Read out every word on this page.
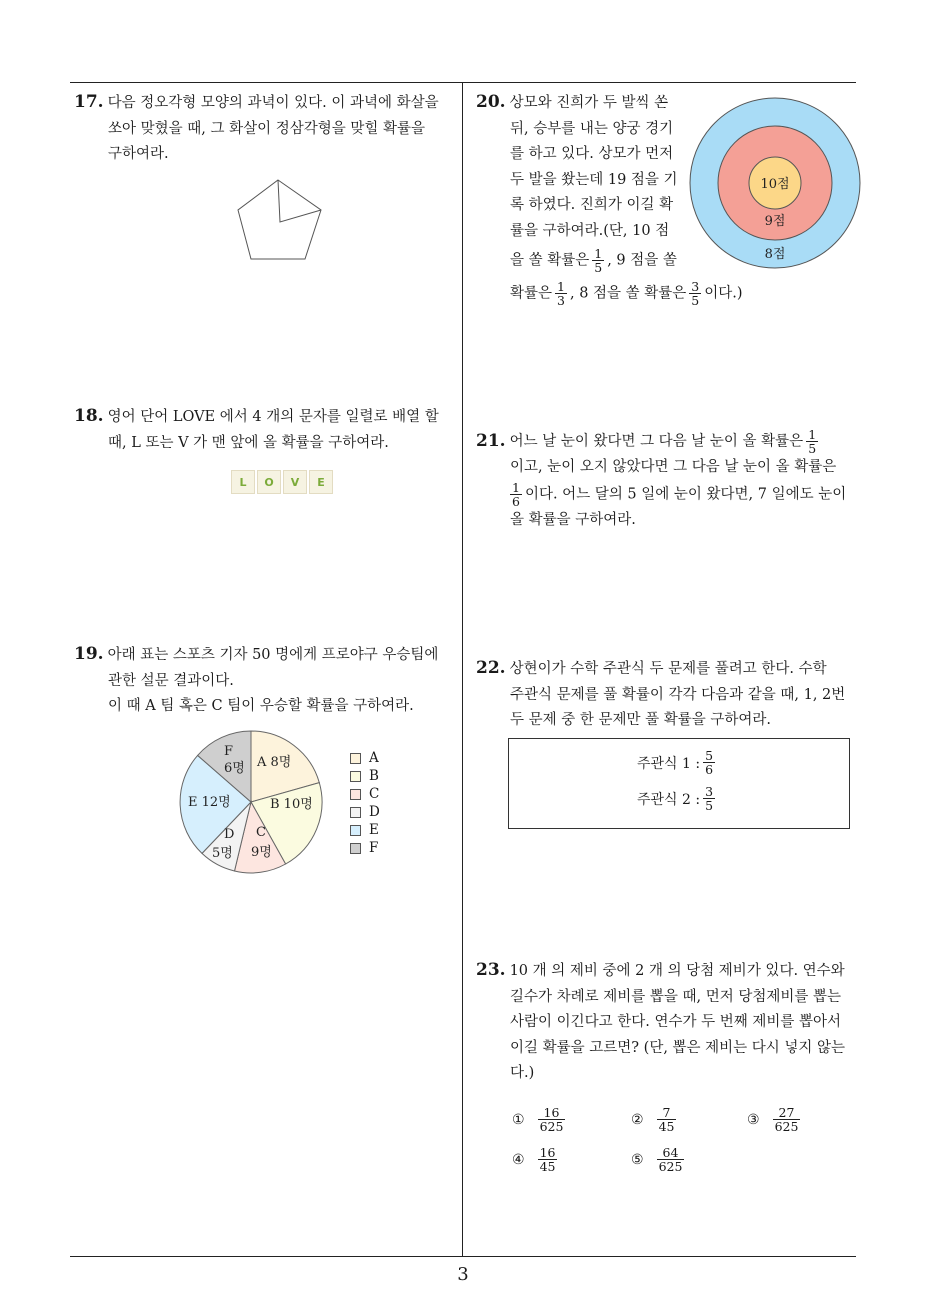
3
17. 다음 정오각형 모양의 과녁이 있다. 이 과녁에 화살을
쏘아 맞혔을 때, 그 화살이 정삼각형을 맞힐 확률을
구하여라.
18. 영어 단어 LOVE 에서 4 개의 문자를 일렬로 배열 할
때, L 또는 V 가 맨 앞에 올 확률을 구하여라.
L	O	V	E
19. 아래 표는 스포츠 기자 50 명에게 프로야구 우승팀에
관한 설문 결과이다.
이 때 A 팀 혹은 C 팀이 우승할 확률을 구하여라.
F
6명 A 8명
B 10명
C
9명
D
5명
E 12명
A
B
C
D
E
F
20. 상모와 진희가 두 발씩 쏜
뒤, 승부를 내는 양궁 경기
를 하고 있다. 상모가 먼저
두 발을 쐈는데 19 점을 기
록 하였다. 진희가 이길 확
률을 구하여라.(단, 10 점
을 쏠 확률은 $\frac{1}{5}$ , 9 점을 쏠
확률은 $\frac{1}{3}$ , 8 점을 쏠 확률은 $\frac{3}{5}$ 이다.)
10점
9점
8점
21. 어느 날 눈이 왔다면 그 다음 날 눈이 올 확률은 $\frac{1}{5}$
이고, 눈이 오지 않았다면 그 다음 날 눈이 올 확률은
$\frac{1}{6}$ 이다. 어느 달의 5 일에 눈이 왔다면, 7 일에도 눈이
올 확률을 구하여라.
22. 상현이가 수학 주관식 두 문제를 풀려고 한다. 수학
주관식 문제를 풀 확률이 각각 다음과 같을 때, 1, 2번
두 문제 중 한 문제만 풀 확률을 구하여라.
주관식 1 : $\frac{5}{6}$
주관식 2 : $\frac{3}{5}$
23. 10 개 의 제비 중에 2 개 의 당첨 제비가 있다. 연수와
길수가 차례로 제비를 뽑을 때, 먼저 당첨제비를 뽑는
사람이 이긴다고 한다. 연수가 두 번째 제비를 뽑아서
이길 확률을 고르면? (단, 뽑은 제비는 다시 넣지 않는
다.)
① $\frac{16}{625}$	② $\frac{7}{45}$	③ $\frac{27}{625}$
④ $\frac{16}{45}$	⑤ $\frac{64}{625}$
